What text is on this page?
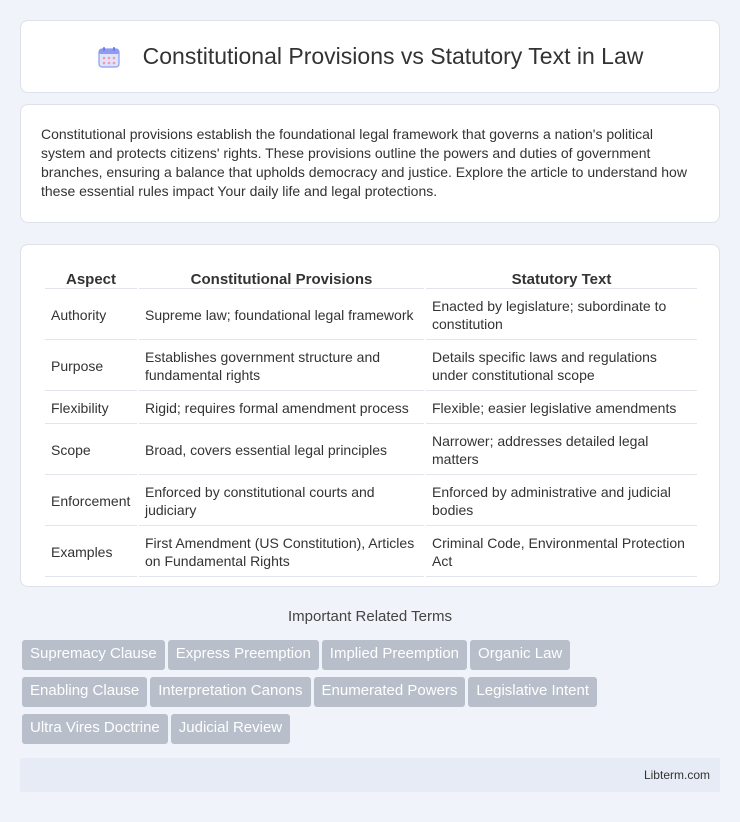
Constitutional Provisions vs Statutory Text in Law

Constitutional provisions establish the foundational legal framework that governs a nation's political system and protects citizens' rights. These provisions outline the powers and duties of government branches, ensuring a balance that upholds democracy and justice. Explore the article to understand how these essential rules impact Your daily life and legal protections.

Aspect	Constitutional Provisions	Statutory Text
Authority	Supreme law; foundational legal framework	Enacted by legislature; subordinate to constitution
Purpose	Establishes government structure and fundamental rights	Details specific laws and regulations under constitutional scope
Flexibility	Rigid; requires formal amendment process	Flexible; easier legislative amendments
Scope	Broad, covers essential legal principles	Narrower; addresses detailed legal matters
Enforcement	Enforced by constitutional courts and judiciary	Enforced by administrative and judicial bodies
Examples	First Amendment (US Constitution), Articles on Fundamental Rights	Criminal Code, Environmental Protection Act
Important Related Terms
Supremacy Clause Express Preemption Implied Preemption Organic Law
Enabling Clause Interpretation Canons Enumerated Powers Legislative Intent
Ultra Vires Doctrine Judicial Review
Libterm.com
